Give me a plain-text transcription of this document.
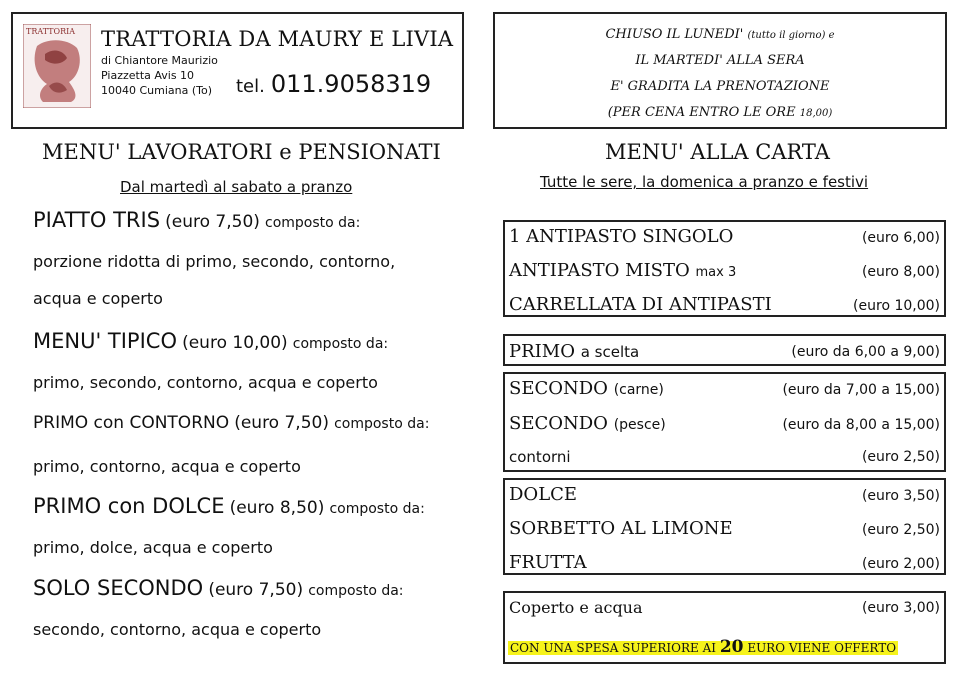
TRATTORIA TRATTORIA DA MAURY E LIVIA
di Chiantore Maurizio
Piazzetta Avis 10
10040 Cumiana (To) tel. 011.9058319
CHIUSO IL LUNEDI' (tutto il giorno) e
IL MARTEDI' ALLA SERA
E' GRADITA LA PRENOTAZIONE
(PER CENA ENTRO LE ORE 18,00)
MENU' LAVORATORI e PENSIONATI
Dal martedì al sabato a pranzo
PIATTO TRIS (euro 7,50) composto da:
porzione ridotta di primo, secondo, contorno,
acqua e coperto
MENU' TIPICO (euro 10,00) composto da:
primo, secondo, contorno, acqua e coperto
PRIMO con CONTORNO (euro 7,50) composto da:
primo, contorno, acqua e coperto
PRIMO con DOLCE (euro 8,50) composto da:
primo, dolce, acqua e coperto
SOLO SECONDO (euro 7,50) composto da:
secondo, contorno, acqua e coperto
MENU' ALLA CARTA
Tutte le sere, la domenica a pranzo e festivi
1 ANTIPASTO SINGOLO	(euro 6,00)
ANTIPASTO MISTO max 3	(euro 8,00)
CARRELLATA DI ANTIPASTI	(euro 10,00)
PRIMO a scelta	(euro da 6,00 a 9,00)
SECONDO (carne)	(euro da 7,00 a 15,00)
SECONDO (pesce)	(euro da 8,00 a 15,00)
contorni	(euro 2,50)
DOLCE	(euro 3,50)
SORBETTO AL LIMONE	(euro 2,50)
FRUTTA	(euro 2,00)
Coperto e acqua	(euro 3,00)
CON UNA SPESA SUPERIORE AI 20 EURO VIENE OFFERTO
